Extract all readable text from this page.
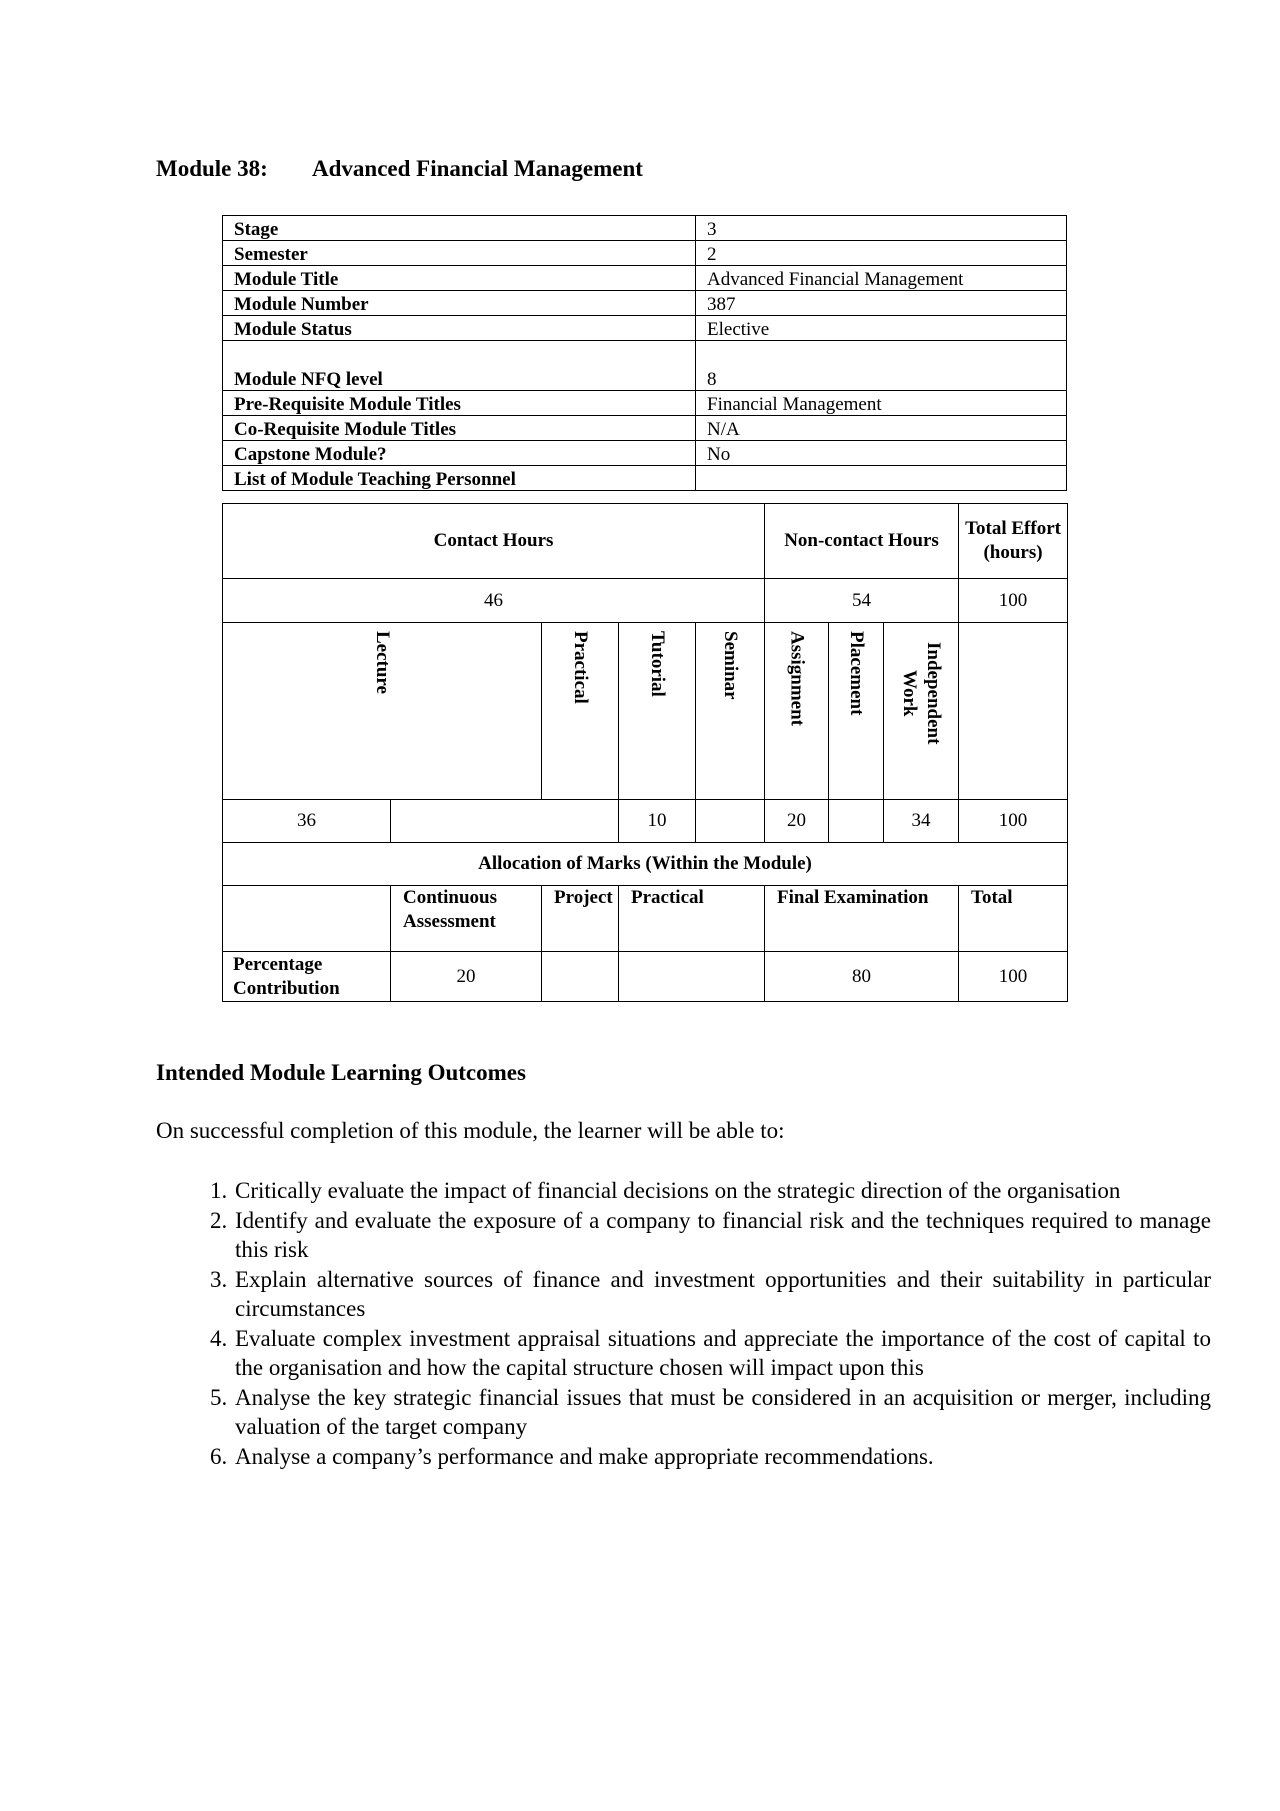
Module 38: Advanced Financial Management
Stage	3
Semester	2
Module Title	Advanced Financial Management
Module Number	387
Module Status	Elective
Module NFQ level	8
Pre-Requisite Module Titles	Financial Management
Co-Requisite Module Titles	N/A
Capstone Module?	No
List of Module Teaching Personnel	
Contact Hours					Non-contact Hours			Total Effort (hours)
46					54			100
Lecture		Practical	Tutorial	Seminar	Assignment	Placement	Independent Work	
36			10		20		34	100
Allocation of Marks (Within the Module)								
	Continuous Assessment	Project	Practical		Final Examination			Total
Percentage Contribution	20				80			100
Intended Module Learning Outcomes
On successful completion of this module, the learner will be able to:
1. Critically evaluate the impact of financial decisions on the strategic direction of the organisation
2. Identify and evaluate the exposure of a company to financial risk and the techniques required to manage this risk
3. Explain alternative sources of finance and investment opportunities and their suitability in particular circumstances
4. Evaluate complex investment appraisal situations and appreciate the importance of the cost of capital to the organisation and how the capital structure chosen will impact upon this
5. Analyse the key strategic financial issues that must be considered in an acquisition or merger, including valuation of the target company
6. Analyse a company’s performance and make appropriate recommendations.
